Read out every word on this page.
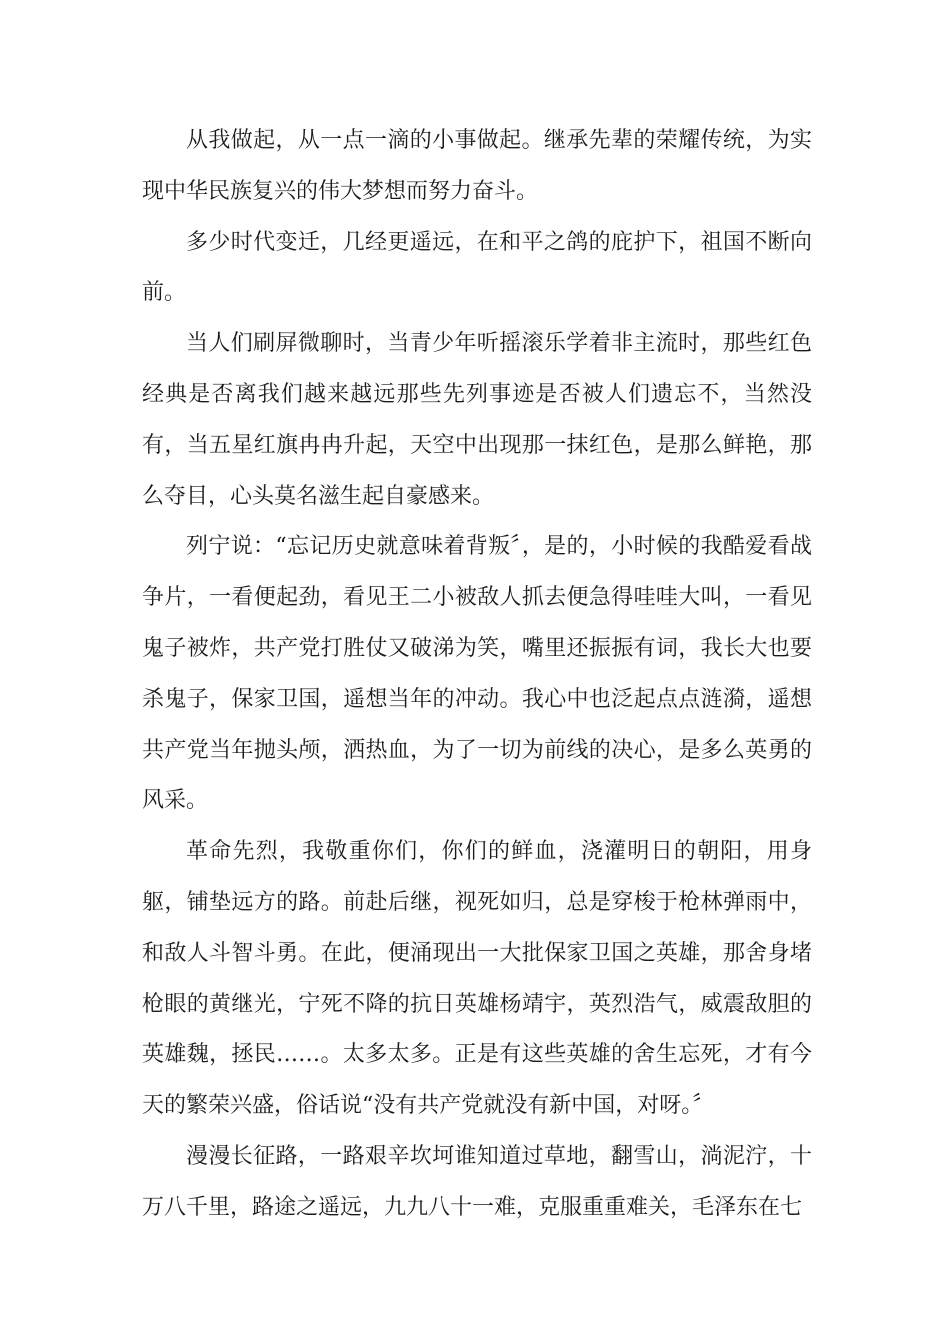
从我做起，从一点一滴的小事做起。继承先辈的荣耀传统，为实现中华民族复兴的伟大梦想而努力奋斗。

多少时代变迁，几经更遥远，在和平之鸽的庇护下，祖国不断向前。

当人们刷屏微聊时，当青少年听摇滚乐学着非主流时，那些红色经典是否离我们越来越远那些先列事迹是否被人们遗忘不，当然没有，当五星红旗冉冉升起，天空中出现那一抹红色，是那么鲜艳，那么夺目，心头莫名滋生起自豪感来。

列宁说：“忘记历史就意味着背叛〞，是的，小时候的我酷爱看战争片，一看便起劲，看见王二小被敌人抓去便急得哇哇大叫，一看见鬼子被炸，共产党打胜仗又破涕为笑，嘴里还振振有词，我长大也要杀鬼子，保家卫国，遥想当年的冲动。我心中也泛起点点涟漪，遥想共产党当年抛头颅，洒热血，为了一切为前线的决心，是多么英勇的风采。

革命先烈，我敬重你们，你们的鲜血，浇灌明日的朝阳，用身躯，铺垫远方的路。前赴后继，视死如归，总是穿梭于枪林弹雨中，和敌人斗智斗勇。在此，便涌现出一大批保家卫国之英雄，那舍身堵枪眼的黄继光，宁死不降的抗日英雄杨靖宇，英烈浩气，威震敌胆的英雄魏，拯民……。太多太多。正是有这些英雄的舍生忘死，才有今天的繁荣兴盛，俗话说“没有共产党就没有新中国，对呀。〞

漫漫长征路，一路艰辛坎坷谁知道过草地，翻雪山，淌泥泞，十万八千里，路途之遥远，九九八十一难，克服重重难关，毛泽东在七
